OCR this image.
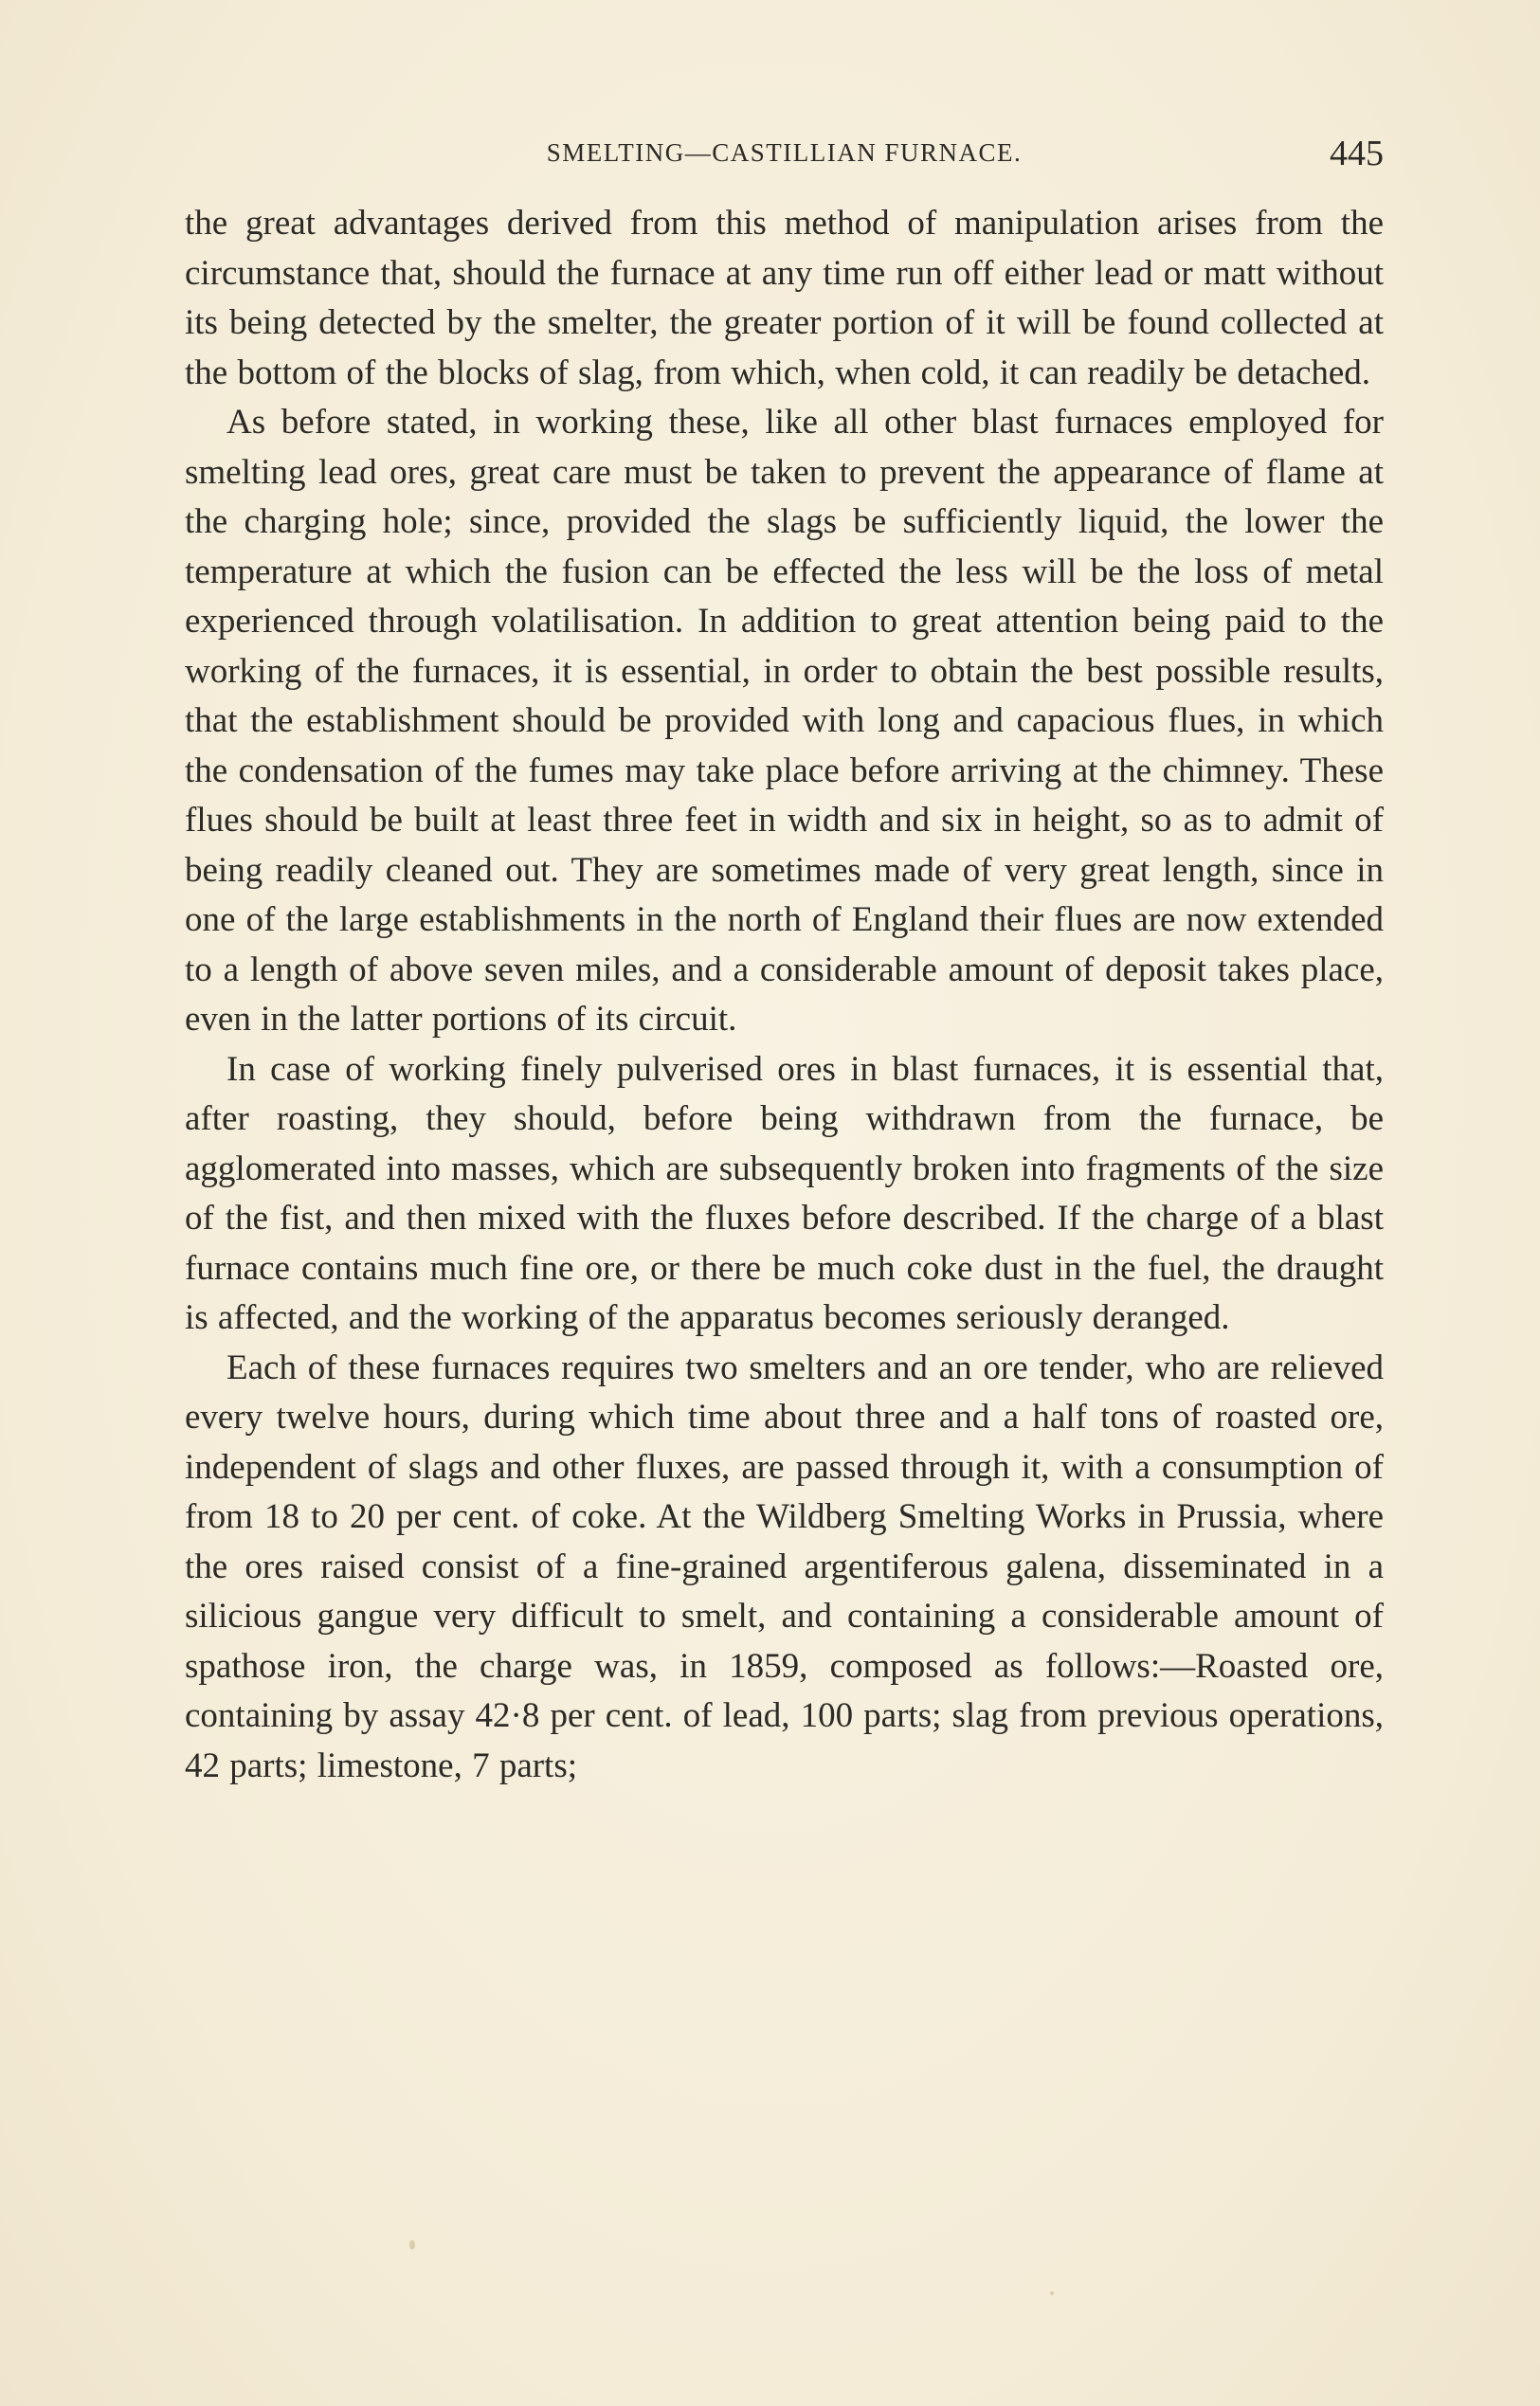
SMELTING—CASTILLIAN FURNACE.	445

the great advantages derived from this method of manipulation arises from the circumstance that, should the furnace at any time run off either lead or matt without its being detected by the smelter, the greater portion of it will be found collected at the bottom of the blocks of slag, from which, when cold, it can readily be detached.

As before stated, in working these, like all other blast furnaces employed for smelting lead ores, great care must be taken to prevent the appearance of flame at the charging hole; since, provided the slags be sufficiently liquid, the lower the temperature at which the fusion can be effected the less will be the loss of metal experienced through volatilisation. In addition to great attention being paid to the working of the furnaces, it is essential, in order to obtain the best possible results, that the establishment should be provided with long and capacious flues, in which the condensation of the fumes may take place before arriving at the chimney. These flues should be built at least three feet in width and six in height, so as to admit of being readily cleaned out. They are sometimes made of very great length, since in one of the large establishments in the north of England their flues are now extended to a length of above seven miles, and a considerable amount of deposit takes place, even in the latter portions of its circuit.

In case of working finely pulverised ores in blast furnaces, it is essential that, after roasting, they should, before being withdrawn from the furnace, be agglomerated into masses, which are subsequently broken into fragments of the size of the fist, and then mixed with the fluxes before described. If the charge of a blast furnace contains much fine ore, or there be much coke dust in the fuel, the draught is affected, and the working of the apparatus becomes seriously deranged.

Each of these furnaces requires two smelters and an ore tender, who are relieved every twelve hours, during which time about three and a half tons of roasted ore, independent of slags and other fluxes, are passed through it, with a consumption of from 18 to 20 per cent. of coke. At the Wildberg Smelting Works in Prussia, where the ores raised consist of a fine-grained argentiferous galena, disseminated in a silicious gangue very difficult to smelt, and containing a considerable amount of spathose iron, the charge was, in 1859, composed as follows:—Roasted ore, containing by assay 42·8 per cent. of lead, 100 parts; slag from previous operations, 42 parts; limestone, 7 parts;
